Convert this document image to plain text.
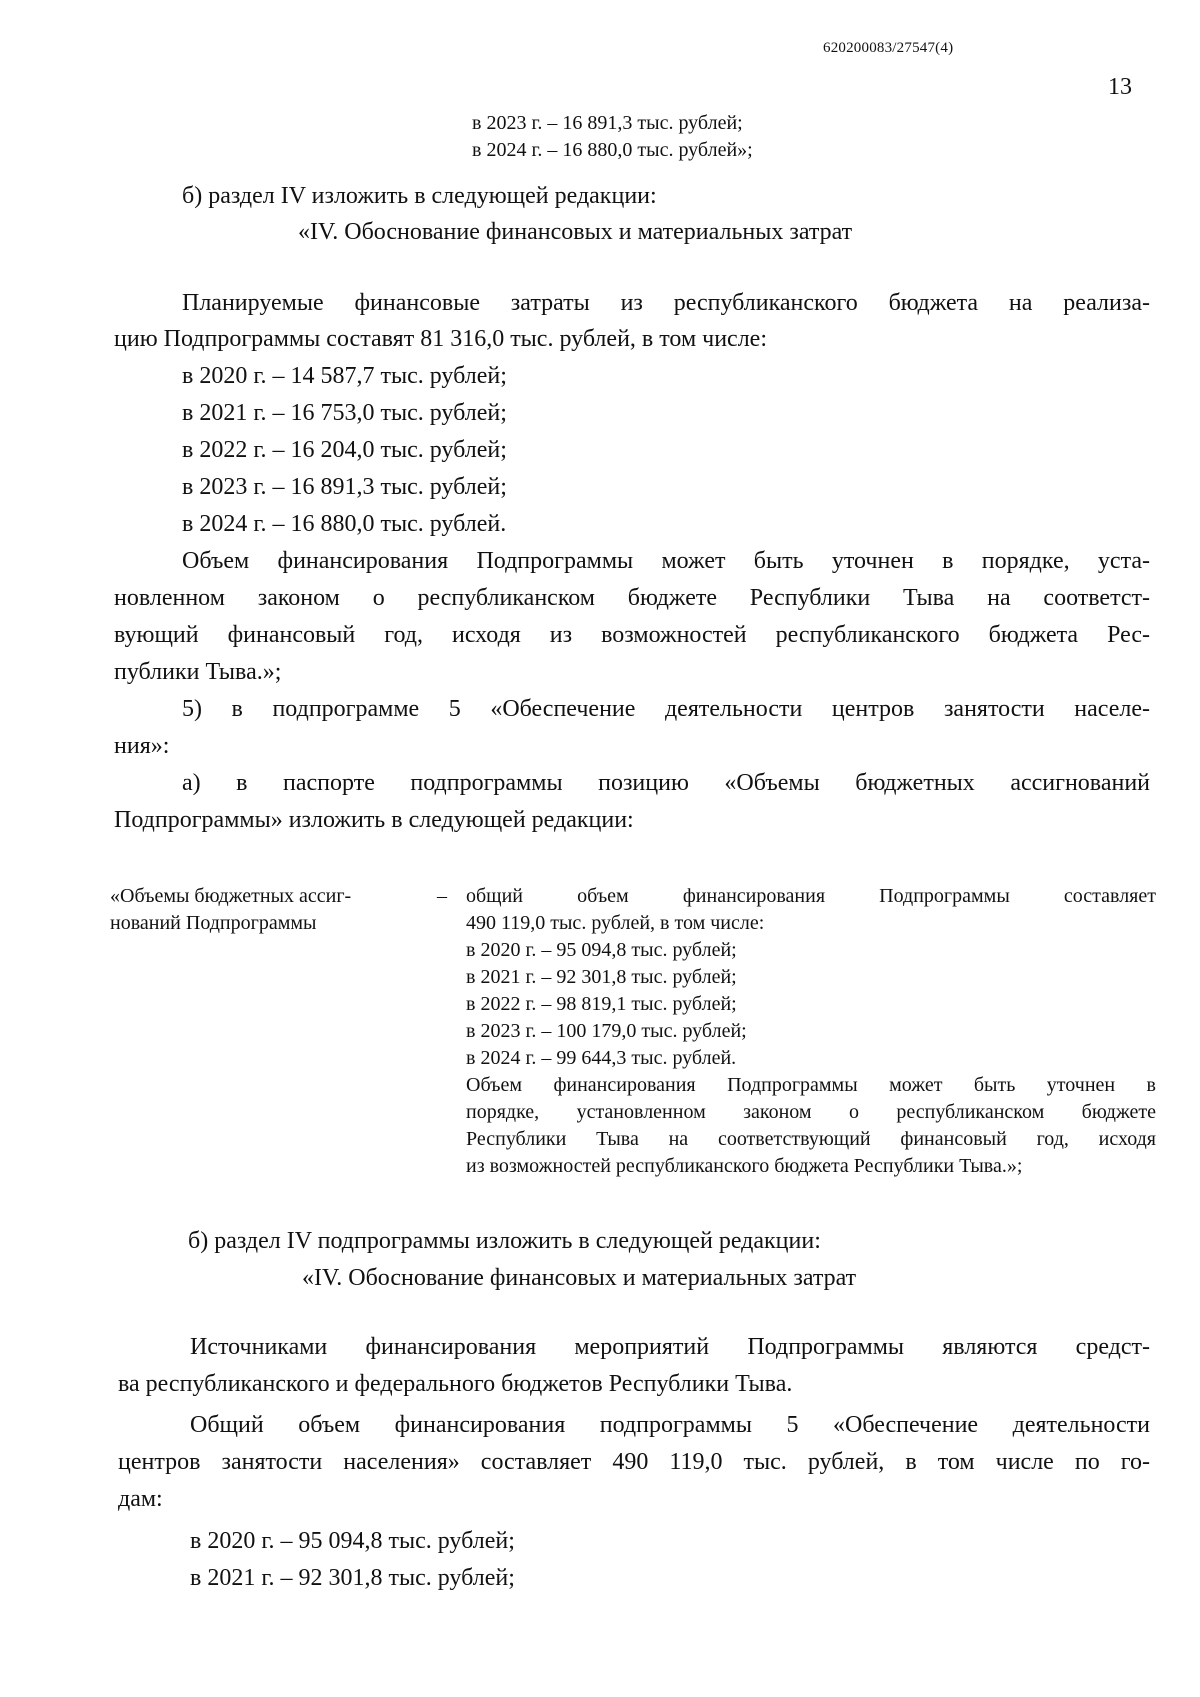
620200083/27547(4)
13
в 2023 г. – 16 891,3 тыс. рублей;
в 2024 г. – 16 880,0 тыс. рублей»;
б) раздел IV изложить в следующей редакции:
«IV. Обоснование финансовых и материальных затрат
Планируемые финансовые затраты из республиканского бюджета на реализа-
цию Подпрограммы составят 81 316,0 тыс. рублей, в том числе:
в 2020 г. – 14 587,7 тыс. рублей;
в 2021 г. – 16 753,0 тыс. рублей;
в 2022 г. – 16 204,0 тыс. рублей;
в 2023 г. – 16 891,3 тыс. рублей;
в 2024 г. – 16 880,0 тыс. рублей.
Объем финансирования Подпрограммы может быть уточнен в порядке, уста-
новленном законом о республиканском бюджете Республики Тыва на соответст-
вующий финансовый год, исходя из возможностей республиканского бюджета Рес-
публики Тыва.»;
5) в подпрограмме 5 «Обеспечение деятельности центров занятости населе-
ния»:
а) в паспорте подпрограммы позицию «Объемы бюджетных ассигнований
Подпрограммы» изложить в следующей редакции:
«Объемы бюджетных ассиг-
нований Подпрограммы
– общий объем финансирования Подпрограммы составляет
490 119,0 тыс. рублей, в том числе:
в 2020 г. – 95 094,8 тыс. рублей;
в 2021 г. – 92 301,8 тыс. рублей;
в 2022 г. – 98 819,1 тыс. рублей;
в 2023 г. – 100 179,0 тыс. рублей;
в 2024 г. – 99 644,3 тыс. рублей.
Объем финансирования Подпрограммы может быть уточнен в
порядке, установленном законом о республиканском бюджете
Республики Тыва на соответствующий финансовый год, исходя
из возможностей республиканского бюджета Республики Тыва.»;
б) раздел IV подпрограммы изложить в следующей редакции:
«IV. Обоснование финансовых и материальных затрат
Источниками финансирования мероприятий Подпрограммы являются средст-
ва республиканского и федерального бюджетов Республики Тыва.
Общий объем финансирования подпрограммы 5 «Обеспечение деятельности
центров занятости населения» составляет 490 119,0 тыс. рублей, в том числе по го-
дам:
в 2020 г. – 95 094,8 тыс. рублей;
в 2021 г. – 92 301,8 тыс. рублей;
